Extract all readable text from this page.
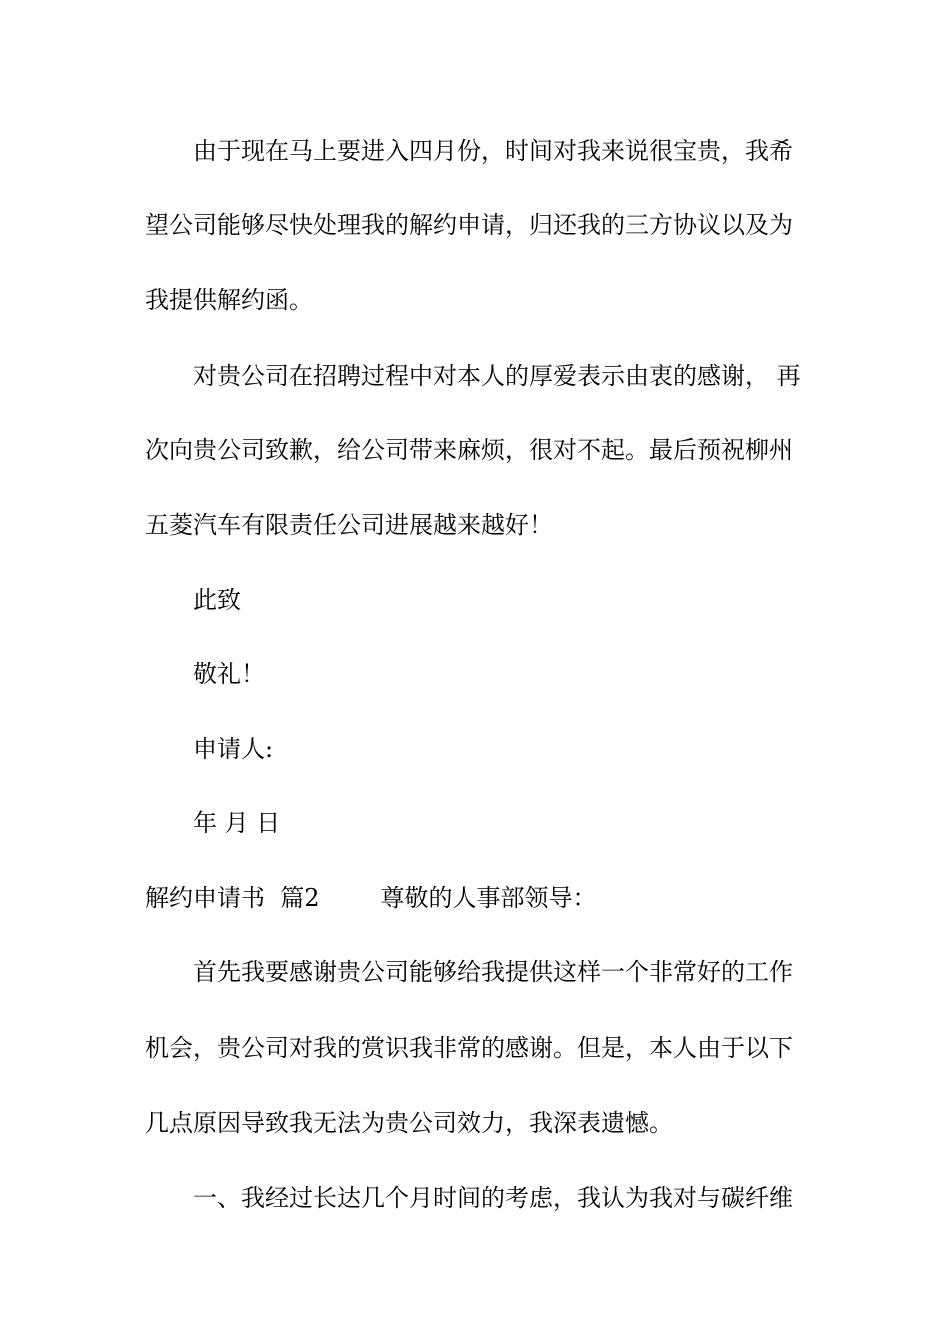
由于现在马上要进入四月份，时间对我来说很宝贵，我希
望公司能够尽快处理我的解约申请，归还我的三方协议以及为
我提供解约函。
对贵公司在招聘过程中对本人的厚爱表示由衷的感谢， 再
次向贵公司致歉，给公司带来麻烦，很对不起。最后预祝柳州
五菱汽车有限责任公司进展越来越好！
此致
敬礼！
申请人:
年 月 日
解约申请书  篇2        尊敬的人事部领导：
首先我要感谢贵公司能够给我提供这样一个非常好的工作
机会，贵公司对我的赏识我非常的感谢。但是，本人由于以下
几点原因导致我无法为贵公司效力，我深表遗憾。
一、我经过长达几个月时间的考虑，我认为我对与碳纤维
